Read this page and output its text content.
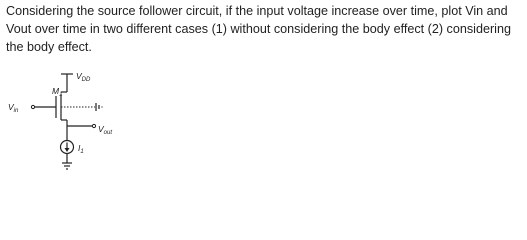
Considering the source follower circuit, if the input voltage increase over time, plot Vin and Vout over time in two different cases (1) without considering the body effect (2) considering the body effect.

$V_{DD}$
$M_1$
$V_{in}$
$V_{out}$
$I_1$
